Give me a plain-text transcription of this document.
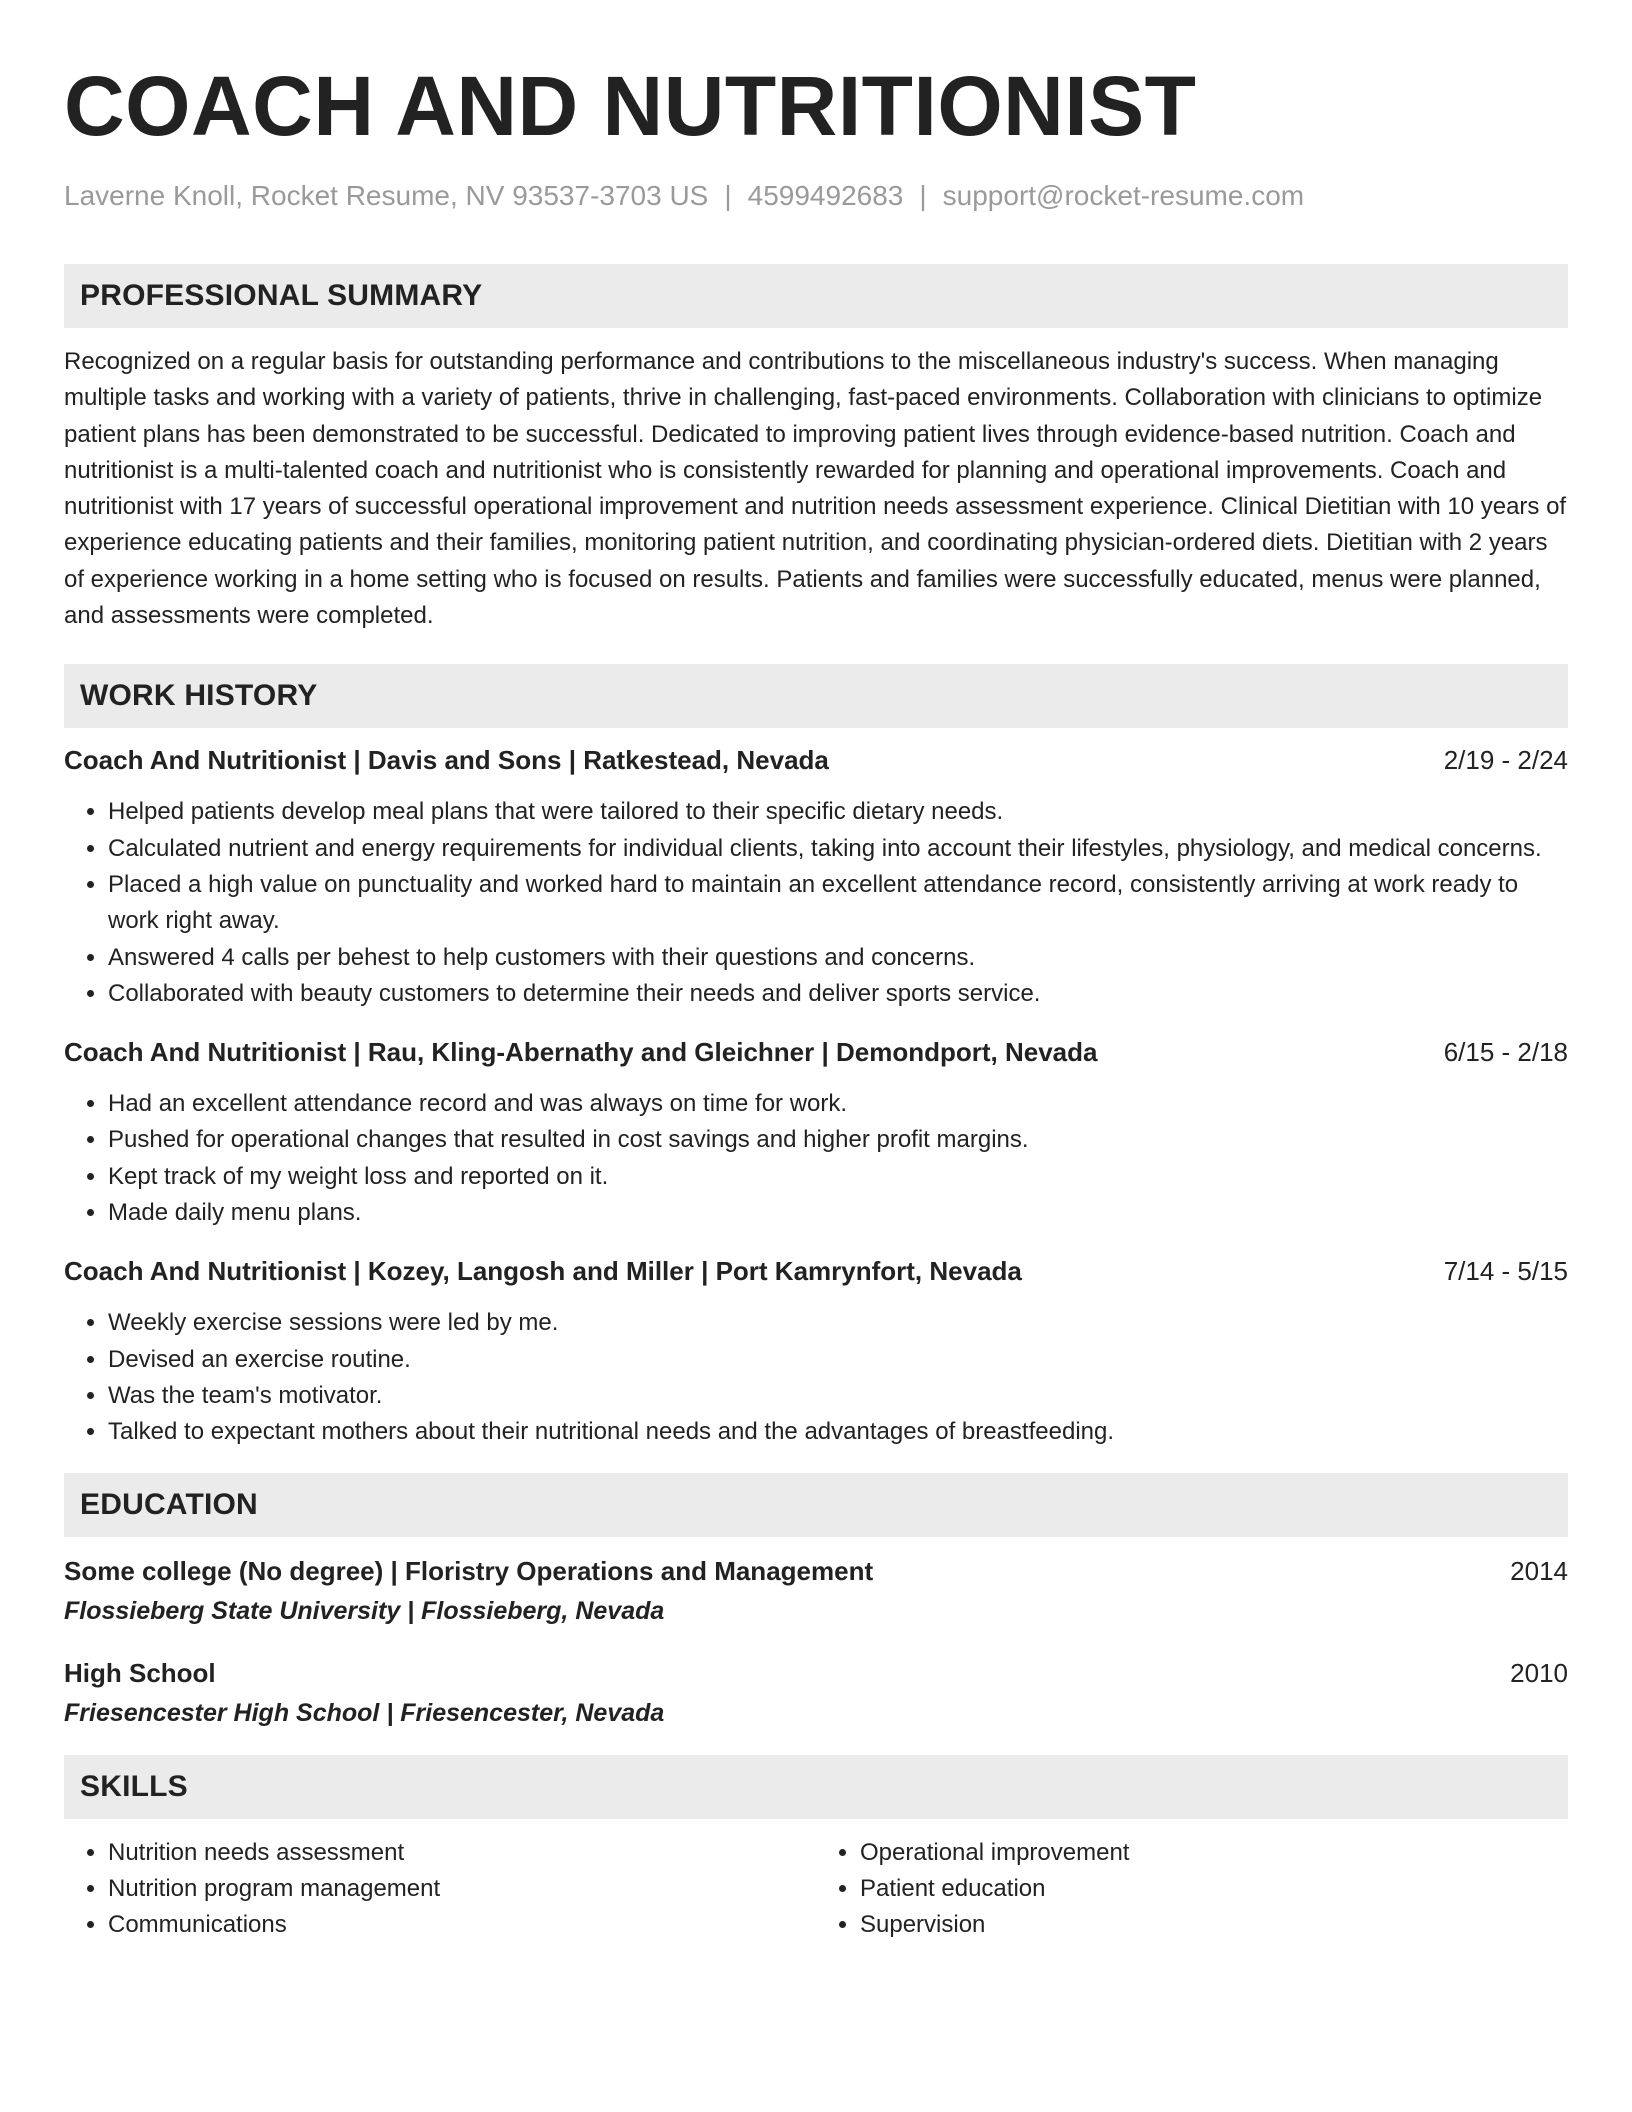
COACH AND NUTRITIONIST
Laverne Knoll, Rocket Resume, NV 93537-3703 US | 4599492683 | support@rocket-resume.com
PROFESSIONAL SUMMARY
Recognized on a regular basis for outstanding performance and contributions to the miscellaneous industry's success. When managing multiple tasks and working with a variety of patients, thrive in challenging, fast-paced environments. Collaboration with clinicians to optimize patient plans has been demonstrated to be successful. Dedicated to improving patient lives through evidence-based nutrition. Coach and nutritionist is a multi-talented coach and nutritionist who is consistently rewarded for planning and operational improvements. Coach and nutritionist with 17 years of successful operational improvement and nutrition needs assessment experience. Clinical Dietitian with 10 years of experience educating patients and their families, monitoring patient nutrition, and coordinating physician-ordered diets. Dietitian with 2 years of experience working in a home setting who is focused on results. Patients and families were successfully educated, menus were planned, and assessments were completed.
WORK HISTORY
Coach And Nutritionist | Davis and Sons | Ratkestead, Nevada	2/19 - 2/24
• Helped patients develop meal plans that were tailored to their specific dietary needs.
• Calculated nutrient and energy requirements for individual clients, taking into account their lifestyles, physiology, and medical concerns.
• Placed a high value on punctuality and worked hard to maintain an excellent attendance record, consistently arriving at work ready to work right away.
• Answered 4 calls per behest to help customers with their questions and concerns.
• Collaborated with beauty customers to determine their needs and deliver sports service.
Coach And Nutritionist | Rau, Kling-Abernathy and Gleichner | Demondport, Nevada	6/15 - 2/18
• Had an excellent attendance record and was always on time for work.
• Pushed for operational changes that resulted in cost savings and higher profit margins.
• Kept track of my weight loss and reported on it.
• Made daily menu plans.
Coach And Nutritionist | Kozey, Langosh and Miller | Port Kamrynfort, Nevada	7/14 - 5/15
• Weekly exercise sessions were led by me.
• Devised an exercise routine.
• Was the team's motivator.
• Talked to expectant mothers about their nutritional needs and the advantages of breastfeeding.
EDUCATION
Some college (No degree) | Floristry Operations and Management	2014
Flossieberg State University | Flossieberg, Nevada
High School	2010
Friesencester High School | Friesencester, Nevada
SKILLS
• Nutrition needs assessment
• Nutrition program management
• Communications
• Operational improvement
• Patient education
• Supervision
